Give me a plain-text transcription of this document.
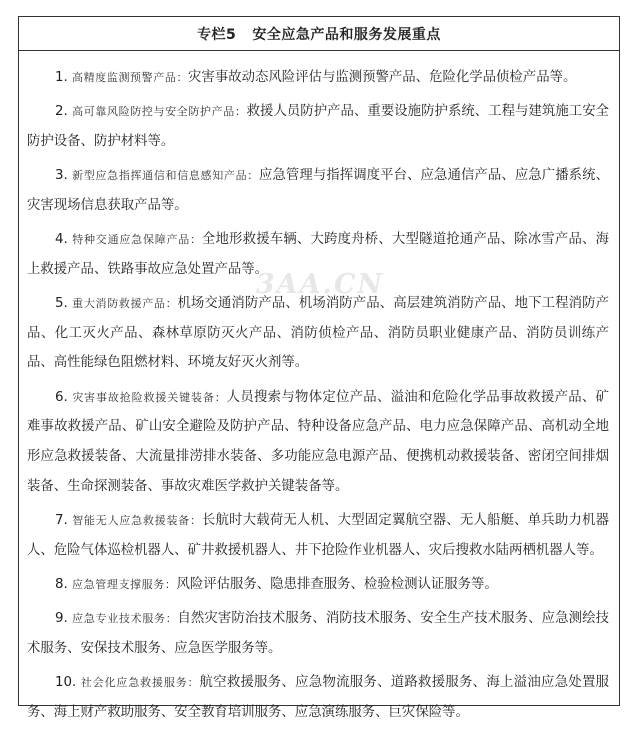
专栏5   安全应急产品和服务发展重点

1. 高精度监测预警产品：灾害事故动态风险评估与监测预警产品、危险化学品侦检产品等。

2. 高可靠风险防控与安全防护产品：救援人员防护产品、重要设施防护系统、工程与建筑施工安全防护设备、防护材料等。

3. 新型应急指挥通信和信息感知产品：应急管理与指挥调度平台、应急通信产品、应急广播系统、灾害现场信息获取产品等。

4. 特种交通应急保障产品：全地形救援车辆、大跨度舟桥、大型隧道抢通产品、除冰雪产品、海上救援产品、铁路事故应急处置产品等。

5. 重大消防救援产品：机场交通消防产品、机场消防产品、高层建筑消防产品、地下工程消防产品、化工灭火产品、森林草原防灭火产品、消防侦检产品、消防员职业健康产品、消防员训练产品、高性能绿色阻燃材料、环境友好灭火剂等。

6. 灾害事故抢险救援关键装备：人员搜索与物体定位产品、溢油和危险化学品事故救援产品、矿难事故救援产品、矿山安全避险及防护产品、特种设备应急产品、电力应急保障产品、高机动全地形应急救援装备、大流量排涝排水装备、多功能应急电源产品、便携机动救援装备、密闭空间排烟装备、生命探测装备、事故灾难医学救护关键装备等。

7. 智能无人应急救援装备：长航时大载荷无人机、大型固定翼航空器、无人船艇、单兵助力机器人、危险气体巡检机器人、矿井救援机器人、井下抢险作业机器人、灾后搜救水陆两栖机器人等。

8. 应急管理支撑服务：风险评估服务、隐患排查服务、检验检测认证服务等。

9. 应急专业技术服务：自然灾害防治技术服务、消防技术服务、安全生产技术服务、应急测绘技术服务、安保技术服务、应急医学服务等。

10. 社会化应急救援服务：航空救援服务、应急物流服务、道路救援服务、海上溢油应急处置服务、海上财产救助服务、安全教育培训服务、应急演练服务、巨灾保险等。

3AA.CN
